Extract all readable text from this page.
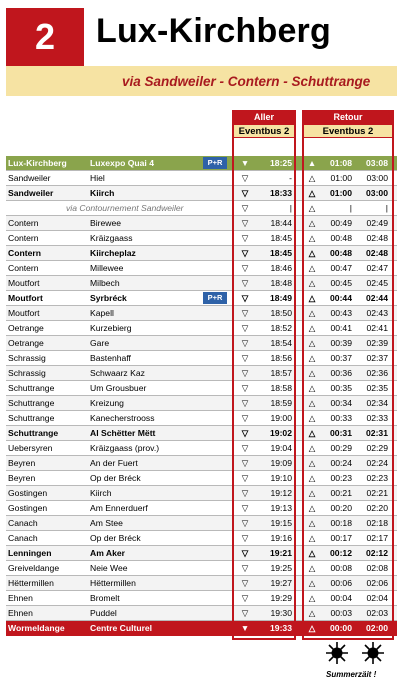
2 Lux-Kirchberg
via Sandweiler - Contern - Schuttrange
Aller
Eventbus 2
Retour
Eventbus 2
Lux-Kirchberg	Luxexpo Quai 4	P+R	▼	18:25 ▲	01:08	03:08
Sandweiler	Hiel	▽	- △	01:00	03:00
Sandweiler	Kiirch	▽	18:33 △	01:00	03:00
via Contournement Sandweiler	▽	| △	|	|
Contern	Birewee	▽	18:44 △	00:49	02:49
Contern	Kräizgaass	▽	18:45 △	00:48	02:48
Contern	Kiircheplaz	▽	18:45 △	00:48	02:48
Contern	Millewee	▽	18:46 △	00:47	02:47
Moutfort	Milbech	▽	18:48 △	00:45	02:45
Moutfort	Syrbréck	P+R	▽	18:49 △	00:44	02:44
Moutfort	Kapell	▽	18:50 △	00:43	02:43
Oetrange	Kurzebierg	▽	18:52 △	00:41	02:41
Oetrange	Gare	▽	18:54 △	00:39	02:39
Schrassig	Bastenhaff	▽	18:56 △	00:37	02:37
Schrassig	Schwaarz Kaz	▽	18:57 △	00:36	02:36
Schuttrange	Um Grousbuer	▽	18:58 △	00:35	02:35
Schuttrange	Kreizung	▽	18:59 △	00:34	02:34
Schuttrange	Kanecherstrooss	▽	19:00 △	00:33	02:33
Schuttrange	Al Schëtter Mëtt	▽	19:02 △	00:31	02:31
Uebersyren	Kräizgaass (prov.)	▽	19:04 △	00:29	02:29
Beyren	An der Fuert	▽	19:09 △	00:24	02:24
Beyren	Op der Bréck	▽	19:10 △	00:23	02:23
Gostingen	Kiirch	▽	19:12 △	00:21	02:21
Gostingen	Am Ennerduerf	▽	19:13 △	00:20	02:20
Canach	Am Stee	▽	19:15 △	00:18	02:18
Canach	Op der Bréck	▽	19:16 △	00:17	02:17
Lenningen	Am Aker	▽	19:21 △	00:12	02:12
Greiveldange	Neie Wee	▽	19:25 △	00:08	02:08
Hëttermillen	Hëttermillen	▽	19:27 △	00:06	02:06
Ehnen	Bromelt	▽	19:29 △	00:04	02:04
Ehnen	Puddel	▽	19:30 △	00:03	02:03
Wormeldange	Centre Culturel	▼	19:33 △	00:00	02:00
Summerzäit !
